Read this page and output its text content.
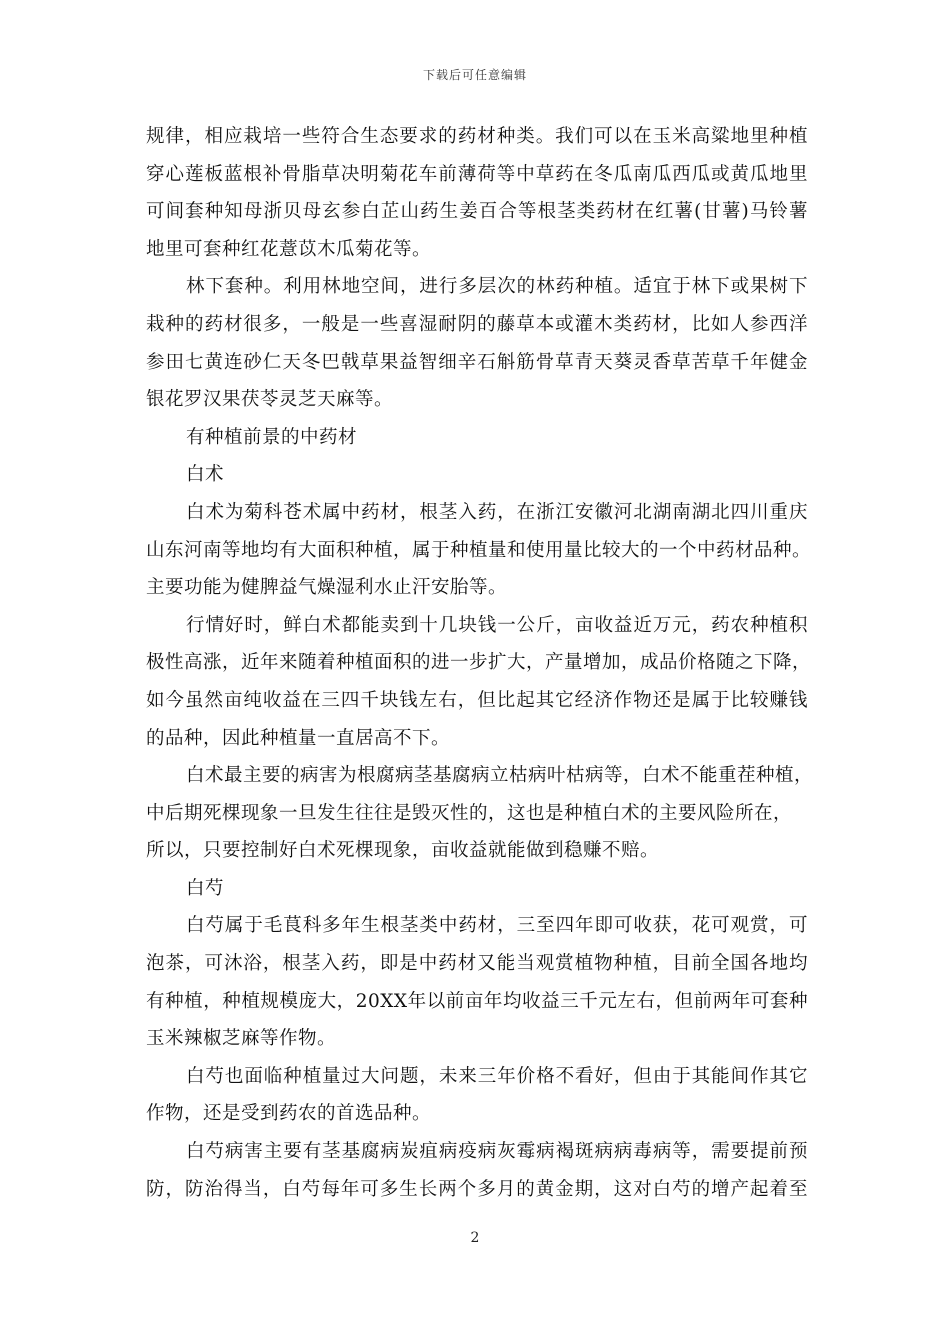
下载后可任意编辑
规律，相应栽培一些符合生态要求的药材种类。我们可以在玉米高粱地里种植
穿心莲板蓝根补骨脂草决明菊花车前薄荷等中草药在冬瓜南瓜西瓜或黄瓜地里
可间套种知母浙贝母玄参白芷山药生姜百合等根茎类药材在红薯(甘薯)马铃薯
地里可套种红花薏苡木瓜菊花等。
林下套种。利用林地空间，进行多层次的林药种植。适宜于林下或果树下
栽种的药材很多，一般是一些喜湿耐阴的藤草本或灌木类药材，比如人参西洋
参田七黄连砂仁天冬巴戟草果益智细辛石斛筋骨草青天葵灵香草苦草千年健金
银花罗汉果茯苓灵芝天麻等。
有种植前景的中药材
白术
白术为菊科苍术属中药材，根茎入药，在浙江安徽河北湖南湖北四川重庆
山东河南等地均有大面积种植，属于种植量和使用量比较大的一个中药材品种。
主要功能为健脾益气燥湿利水止汗安胎等。
行情好时，鲜白术都能卖到十几块钱一公斤，亩收益近万元，药农种植积
极性高涨，近年来随着种植面积的进一步扩大，产量增加，成品价格随之下降，
如今虽然亩纯收益在三四千块钱左右，但比起其它经济作物还是属于比较赚钱
的品种，因此种植量一直居高不下。
白术最主要的病害为根腐病茎基腐病立枯病叶枯病等，白术不能重茬种植，
中后期死棵现象一旦发生往往是毁灭性的，这也是种植白术的主要风险所在，
所以，只要控制好白术死棵现象，亩收益就能做到稳赚不赔。
白芍
白芍属于毛茛科多年生根茎类中药材，三至四年即可收获，花可观赏，可
泡茶，可沐浴，根茎入药，即是中药材又能当观赏植物种植，目前全国各地均
有种植，种植规模庞大，20XX年以前亩年均收益三千元左右，但前两年可套种
玉米辣椒芝麻等作物。
白芍也面临种植量过大问题，未来三年价格不看好，但由于其能间作其它
作物，还是受到药农的首选品种。
白芍病害主要有茎基腐病炭疽病疫病灰霉病褐斑病病毒病等，需要提前预
防，防治得当，白芍每年可多生长两个多月的黄金期，这对白芍的增产起着至
2
